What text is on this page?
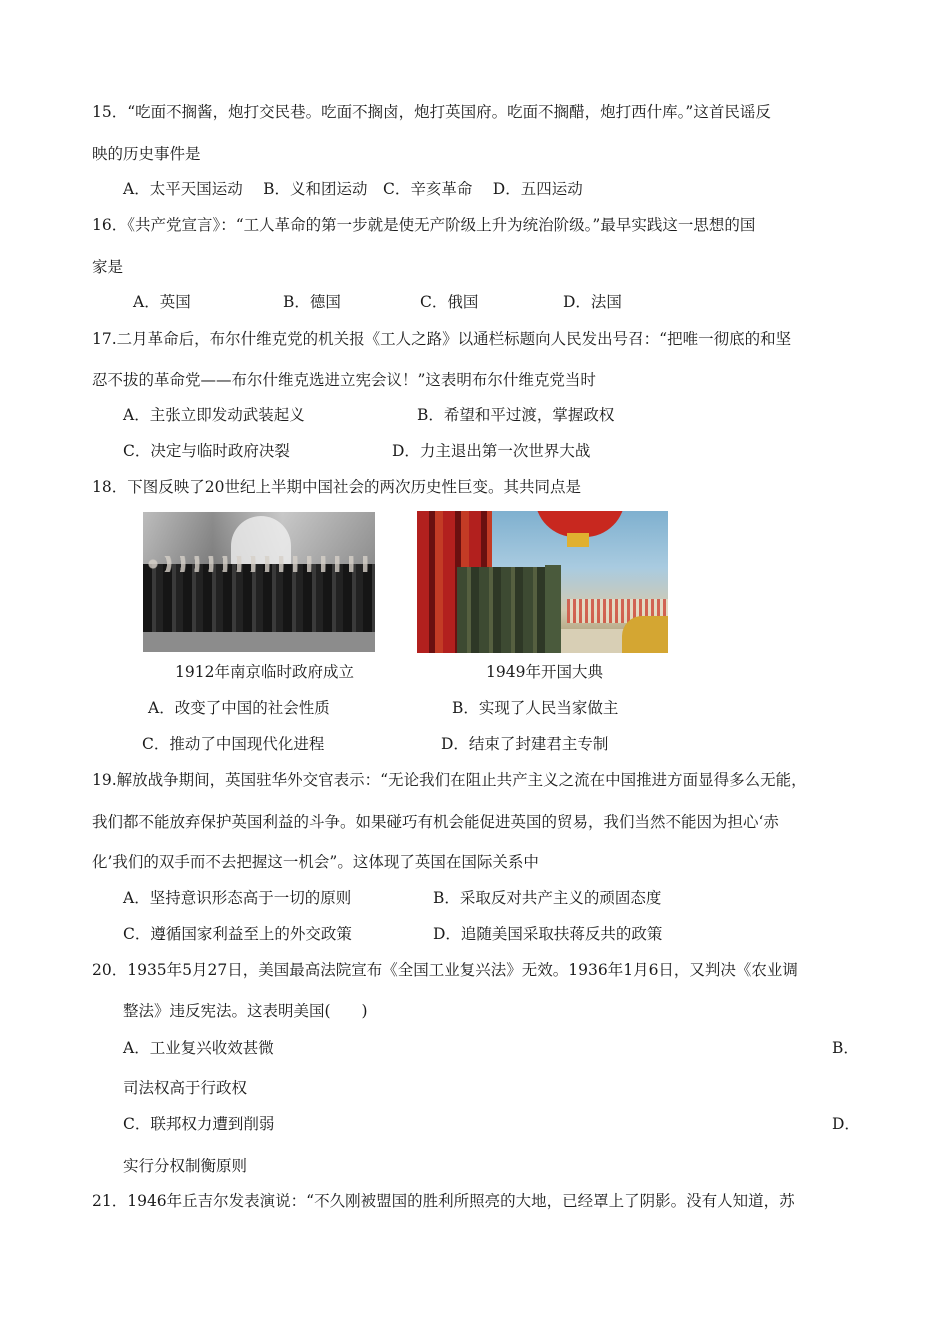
15．“吃面不搁酱，炮打交民巷。吃面不搁卤，炮打英国府。吃面不搁醋，炮打西什库。”这首民谣反
映的历史事件是
A．太平天国运动　 B．义和团运动　C．辛亥革命　 D．五四运动
16．《共产党宣言》：“工人革命的第一步就是使无产阶级上升为统治阶级。”最早实践这一思想的国
家是
A．英国	B．德国	C．俄国	D．法国
17.二月革命后，布尔什维克党的机关报《工人之路》以通栏标题向人民发出号召：“把唯一彻底的和坚
忍不拔的革命党——布尔什维克选进立宪会议！”这表明布尔什维克党当时
A．主张立即发动武装起义	B．希望和平过渡，掌握政权
C．决定与临时政府决裂	D．力主退出第一次世界大战
18．下图反映了20世纪上半期中国社会的两次历史性巨变。其共同点是
1912年南京临时政府成立	1949年开国大典
A．改变了中国的社会性质	B．实现了人民当家做主
C．推动了中国现代化进程	D．结束了封建君主专制
19.解放战争期间，英国驻华外交官表示：“无论我们在阻止共产主义之流在中国推进方面显得多么无能，
我们都不能放弃保护英国利益的斗争。如果碰巧有机会能促进英国的贸易，我们当然不能因为担心‘赤
化’我们的双手而不去把握这一机会”。这体现了英国在国际关系中
A．坚持意识形态高于一切的原则	B．采取反对共产主义的顽固态度
C．遵循国家利益至上的外交政策	D．追随美国采取扶蒋反共的政策
20．1935年5月27日，美国最高法院宣布《全国工业复兴法》无效。1936年1月6日，又判决《农业调
整法》违反宪法。这表明美国(　　)
A．工业复兴收效甚微	B．
司法权高于行政权
C．联邦权力遭到削弱	D．
实行分权制衡原则
21．1946年丘吉尔发表演说：“不久刚被盟国的胜利所照亮的大地，已经罩上了阴影。没有人知道，苏
